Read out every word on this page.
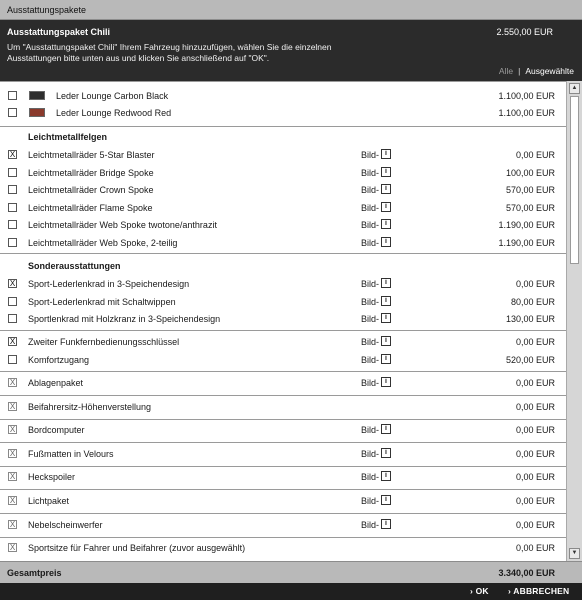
Ausstattungspakete
Ausstattungspaket Chili	2.550,00 EUR
Um "Ausstattungspaket Chili" Ihrem Fahrzeug hinzuzufügen, wählen Sie die einzelnen Ausstattungen bitte unten aus und klicken Sie anschließend auf "OK".
Alle | Ausgewählte
Leder Lounge Carbon Black	1.100,00 EUR
Leder Lounge Redwood Red	1.100,00 EUR
Leichtmetallfelgen
X Leichtmetallräder 5-Star Blaster	Bild- i	0,00 EUR
Leichtmetallräder Bridge Spoke	Bild- i	100,00 EUR
Leichtmetallräder Crown Spoke	Bild- i	570,00 EUR
Leichtmetallräder Flame Spoke	Bild- i	570,00 EUR
Leichtmetallräder Web Spoke twotone/anthrazit	Bild- i	1.190,00 EUR
Leichtmetallräder Web Spoke, 2-teilig	Bild- i	1.190,00 EUR
Sonderausstattungen
X Sport-Lederlenkrad in 3-Speichendesign	Bild- i	0,00 EUR
Sport-Lederlenkrad mit Schaltwippen	Bild- i	80,00 EUR
Sportlenkrad mit Holzkranz in 3-Speichendesign	Bild- i	130,00 EUR
X Zweiter Funkfernbedienungsschlüssel	Bild- i	0,00 EUR
Komfortzugang	Bild- i	520,00 EUR
X Ablagenpaket	Bild- i	0,00 EUR
X Beifahrersitz-Höhenverstellung	0,00 EUR
X Bordcomputer	Bild- i	0,00 EUR
X Fußmatten in Velours	Bild- i	0,00 EUR
X Heckspoiler	Bild- i	0,00 EUR
X Lichtpaket	Bild- i	0,00 EUR
X Nebelscheinwerfer	Bild- i	0,00 EUR
X Sportsitze für Fahrer und Beifahrer (zuvor ausgewählt)	0,00 EUR
▲
▼
Gesamtpreis	3.340,00 EUR
› OK › ABBRECHEN
